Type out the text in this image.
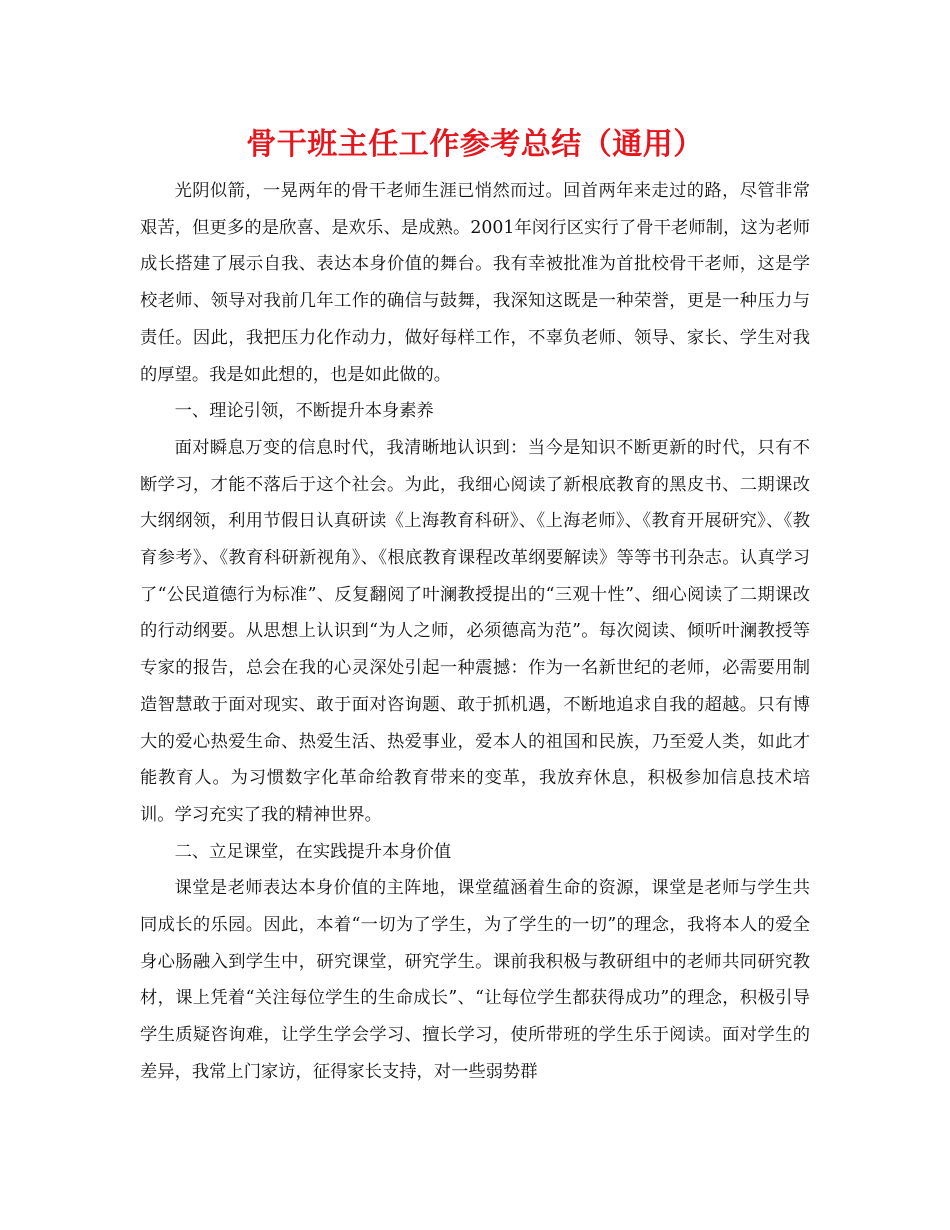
骨干班主任工作参考总结（通用）

光阴似箭，一晃两年的骨干老师生涯已悄然而过。回首两年来走过的路，尽管非常艰苦，但更多的是欣喜、是欢乐、是成熟。2001年闵行区实行了骨干老师制，这为老师成长搭建了展示自我、表达本身价值的舞台。我有幸被批准为首批校骨干老师，这是学校老师、领导对我前几年工作的确信与鼓舞，我深知这既是一种荣誉，更是一种压力与责任。因此，我把压力化作动力，做好每样工作，不辜负老师、领导、家长、学生对我的厚望。我是如此想的，也是如此做的。

一、理论引领，不断提升本身素养

面对瞬息万变的信息时代，我清晰地认识到：当今是知识不断更新的时代，只有不断学习，才能不落后于这个社会。为此，我细心阅读了新根底教育的黑皮书、二期课改大纲纲领，利用节假日认真研读《上海教育科研》、《上海老师》、《教育开展研究》、《教育参考》、《教育科研新视角》、《根底教育课程改革纲要解读》等等书刊杂志。认真学习了“公民道德行为标准”、反复翻阅了叶澜教授提出的“三观十性”、细心阅读了二期课改的行动纲要。从思想上认识到“为人之师，必须德高为范”。每次阅读、倾听叶澜教授等专家的报告，总会在我的心灵深处引起一种震撼：作为一名新世纪的老师，必需要用制造智慧敢于面对现实、敢于面对咨询题、敢于抓机遇，不断地追求自我的超越。只有博大的爱心热爱生命、热爱生活、热爱事业，爱本人的祖国和民族，乃至爱人类，如此才能教育人。为习惯数字化革命给教育带来的变革，我放弃休息，积极参加信息技术培训。学习充实了我的精神世界。

二、立足课堂，在实践提升本身价值

课堂是老师表达本身价值的主阵地，课堂蕴涵着生命的资源，课堂是老师与学生共同成长的乐园。因此，本着“一切为了学生，为了学生的一切”的理念，我将本人的爱全身心肠融入到学生中，研究课堂，研究学生。课前我积极与教研组中的老师共同研究教材，课上凭着“关注每位学生的生命成长”、“让每位学生都获得成功”的理念，积极引导学生质疑咨询难，让学生学会学习、擅长学习，使所带班的学生乐于阅读。面对学生的差异，我常上门家访，征得家长支持，对一些弱势群
